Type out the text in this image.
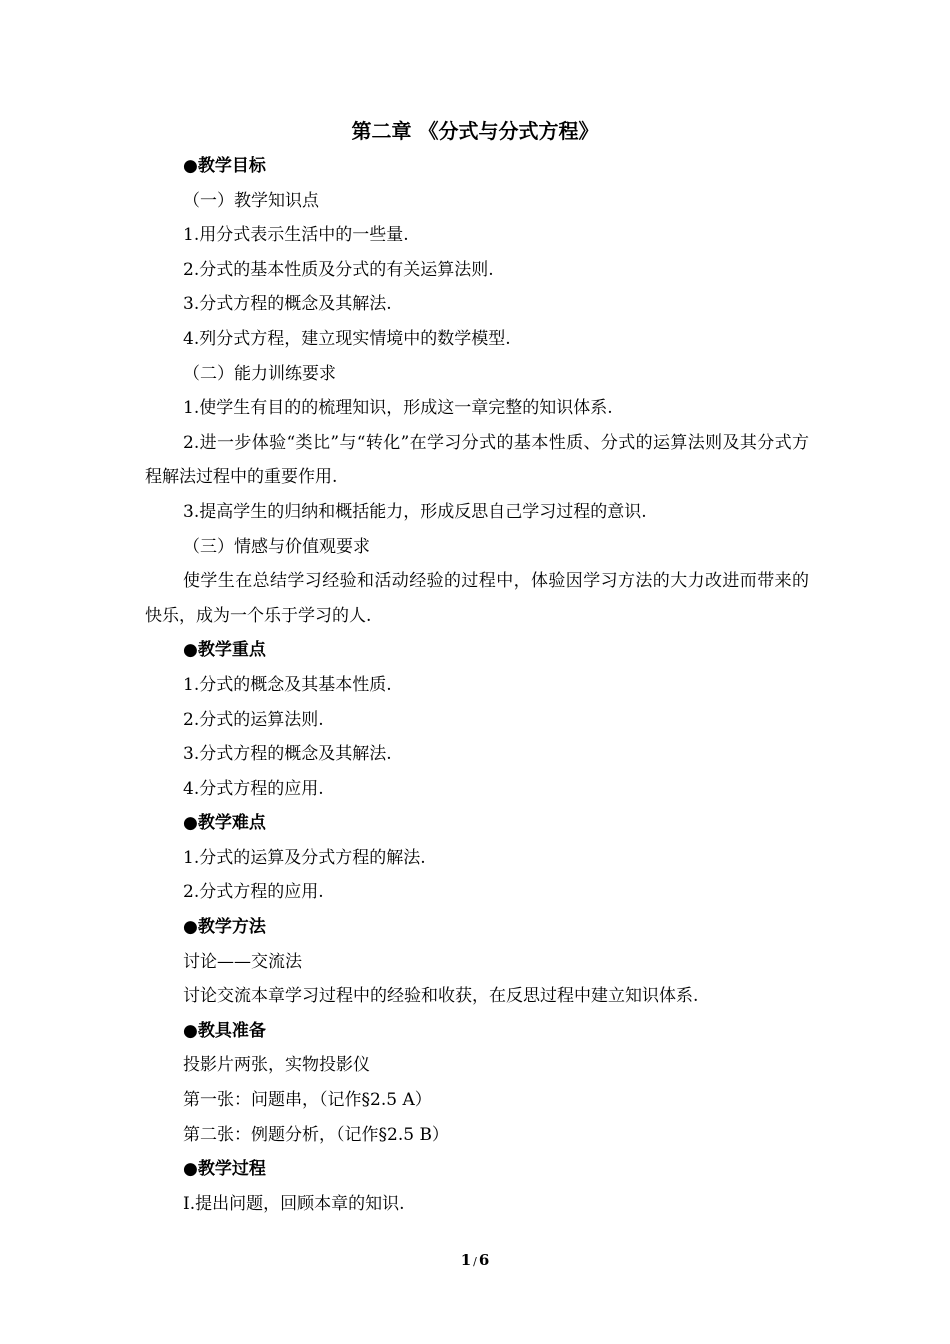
第二章 《分式与分式方程》

●教学目标

（一）教学知识点

1.用分式表示生活中的一些量.

2.分式的基本性质及分式的有关运算法则.

3.分式方程的概念及其解法.

4.列分式方程，建立现实情境中的数学模型.

（二）能力训练要求

1.使学生有目的的梳理知识，形成这一章完整的知识体系.

2.进一步体验“类比”与“转化”在学习分式的基本性质、分式的运算法则及其分式方程解法过程中的重要作用.

3.提高学生的归纳和概括能力，形成反思自己学习过程的意识.

（三）情感与价值观要求

使学生在总结学习经验和活动经验的过程中，体验因学习方法的大力改进而带来的快乐，成为一个乐于学习的人.

●教学重点

1.分式的概念及其基本性质.

2.分式的运算法则.

3.分式方程的概念及其解法.

4.分式方程的应用.

●教学难点

1.分式的运算及分式方程的解法.

2.分式方程的应用.

●教学方法

讨论——交流法

讨论交流本章学习过程中的经验和收获，在反思过程中建立知识体系.

●教具准备

投影片两张，实物投影仪

第一张：问题串，（记作§2.5 A）

第二张：例题分析，（记作§2.5 B）

●教学过程

Ⅰ.提出问题，回顾本章的知识.

1 / 6
